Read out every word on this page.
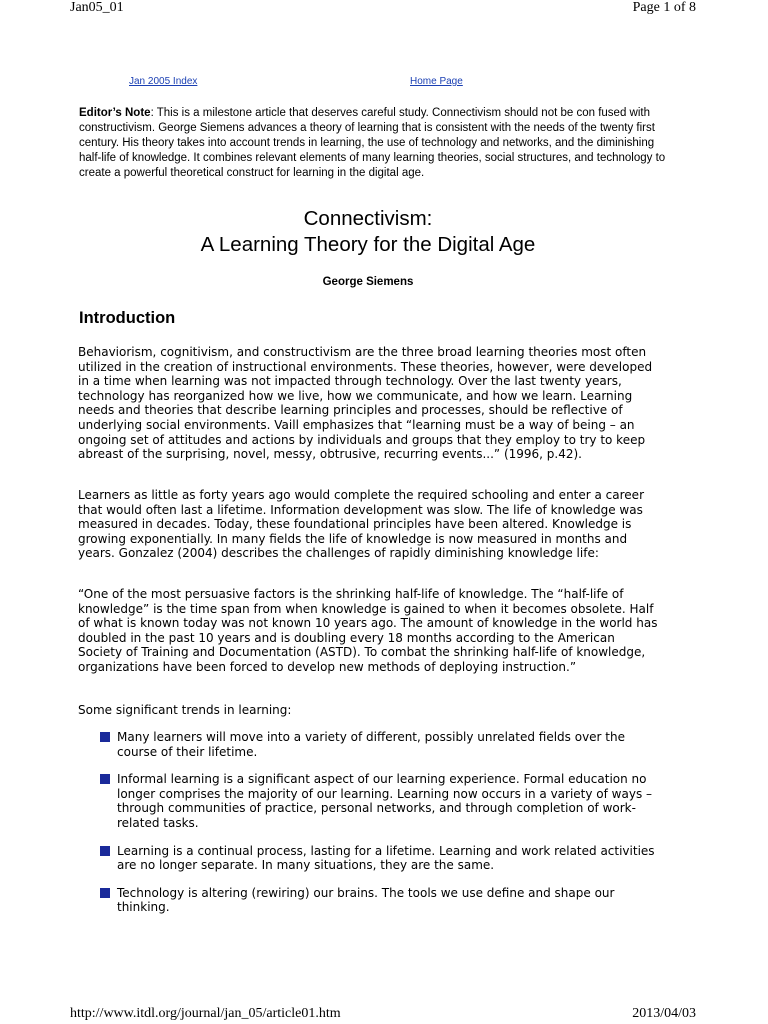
Jan05_01	Page 1 of 8
Jan 2005 Index	Home Page

Editor’s Note: This is a milestone article that deserves careful study. Connectivism should not be con fused with constructivism. George Siemens advances a theory of learning that is consistent with the needs of the twenty first century. His theory takes into account trends in learning, the use of technology and networks, and the diminishing half-life of knowledge. It combines relevant elements of many learning theories, social structures, and technology to create a powerful theoretical construct for learning in the digital age.

Connectivism:
A Learning Theory for the Digital Age
George Siemens
Introduction

Behaviorism, cognitivism, and constructivism are the three broad learning theories most often utilized in the creation of instructional environments. These theories, however, were developed in a time when learning was not impacted through technology. Over the last twenty years, technology has reorganized how we live, how we communicate, and how we learn. Learning needs and theories that describe learning principles and processes, should be reflective of underlying social environments. Vaill emphasizes that “learning must be a way of being – an ongoing set of attitudes and actions by individuals and groups that they employ to try to keep abreast of the surprising, novel, messy, obtrusive, recurring events...” (1996, p.42).

Learners as little as forty years ago would complete the required schooling and enter a career that would often last a lifetime. Information development was slow. The life of knowledge was measured in decades. Today, these foundational principles have been altered. Knowledge is growing exponentially. In many fields the life of knowledge is now measured in months and years. Gonzalez (2004) describes the challenges of rapidly diminishing knowledge life:

“One of the most persuasive factors is the shrinking half-life of knowledge. The “half-life of knowledge” is the time span from when knowledge is gained to when it becomes obsolete. Half of what is known today was not known 10 years ago. The amount of knowledge in the world has doubled in the past 10 years and is doubling every 18 months according to the American Society of Training and Documentation (ASTD). To combat the shrinking half-life of knowledge, organizations have been forced to develop new methods of deploying instruction.”

Some significant trends in learning:

Many learners will move into a variety of different, possibly unrelated fields over the course of their lifetime.
Informal learning is a significant aspect of our learning experience. Formal education no longer comprises the majority of our learning. Learning now occurs in a variety of ways – through communities of practice, personal networks, and through completion of work-related tasks.
Learning is a continual process, lasting for a lifetime. Learning and work related activities are no longer separate. In many situations, they are the same.
Technology is altering (rewiring) our brains. The tools we use define and shape our thinking.
http://www.itdl.org/journal/jan_05/article01.htm	2013/04/03
